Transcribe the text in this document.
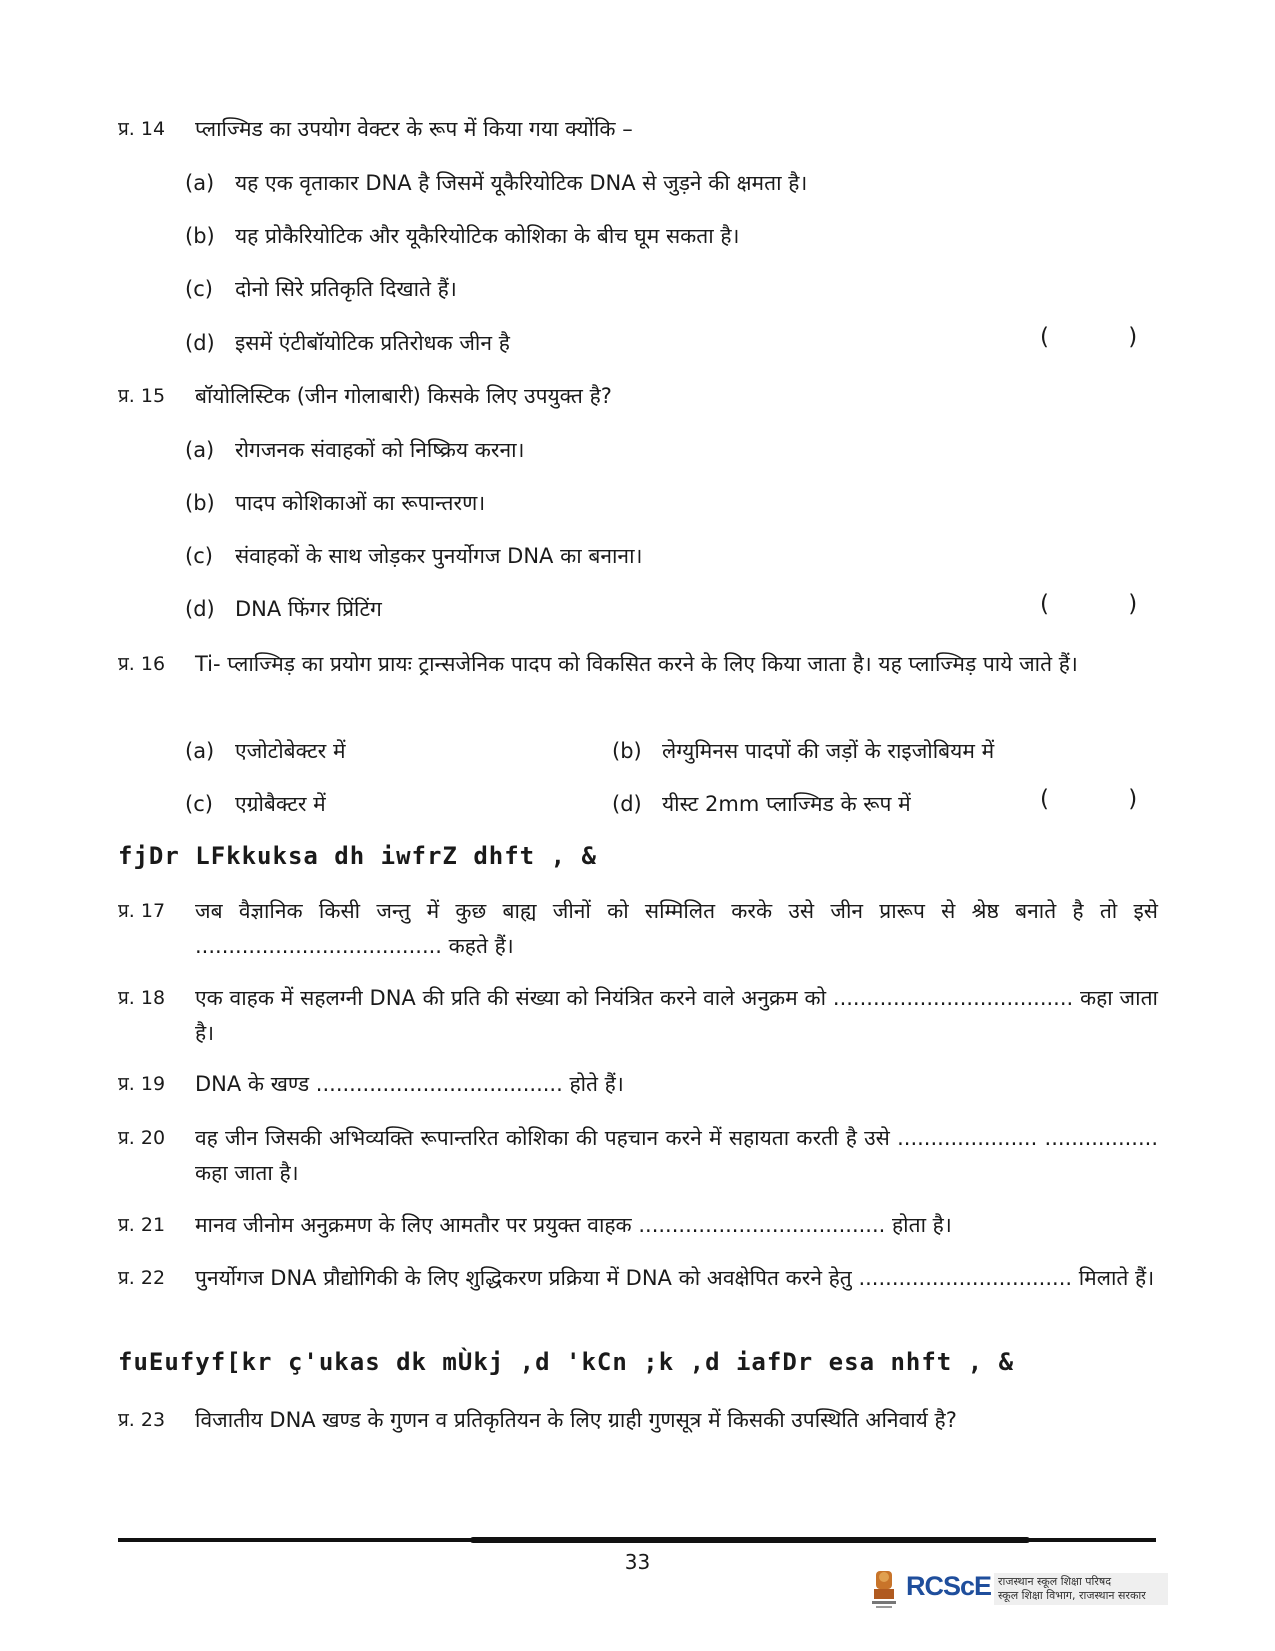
प्र. 14	प्लाज्मिड का उपयोग वेक्टर के रूप में किया गया क्योंकि –
(a) यह एक वृताकार DNA है जिसमें यूकैरियोटिक DNA से जुड़ने की क्षमता है।
(b) यह प्रोकैरियोटिक और यूकैरियोटिक कोशिका के बीच घूम सकता है।
(c) दोनो सिरे प्रतिकृति दिखाते हैं।
(d) इसमें एंटीबॉयोटिक प्रतिरोधक जीन है	( )
प्र. 15	बॉयोलिस्टिक (जीन गोलाबारी) किसके लिए उपयुक्त है?
(a) रोगजनक संवाहकों को निष्क्रिय करना।
(b) पादप कोशिकाओं का रूपान्तरण।
(c) संवाहकों के साथ जोड़कर पुनर्योगज DNA का बनाना।
(d) DNA फिंगर प्रिंटिंग	( )
प्र. 16	Ti- प्लाज्मिड़ का प्रयोग प्रायः ट्रान्सजेनिक पादप को विकसित करने के लिए किया जाता है। यह प्लाज्मिड़ पाये जाते हैं।
(a) एजोटोबेक्टर में	(b) लेग्युमिनस पादपों की जड़ों के राइजोबियम में
(c) एग्रोबैक्टर में	(d) यीस्ट 2mm प्लाज्मिड के रूप में	( )
fjDr LFkkuksa dh iwfrZ dhft , &
प्र. 17	जब वैज्ञानिक किसी जन्तु में कुछ बाह्य जीनों को सम्मिलित करके उसे जीन प्रारूप से श्रेष्ठ बनाते है तो इसे ..................................... कहते हैं।
प्र. 18	एक वाहक में सहलग्नी DNA की प्रति की संख्या को नियंत्रित करने वाले अनुक्रम को .................................... कहा जाता है।
प्र. 19	DNA के खण्ड ..................................... होते हैं।
प्र. 20	वह जीन जिसकी अभिव्यक्ति रूपान्तरित कोशिका की पहचान करने में सहायता करती है उसे ..................... ................. कहा जाता है।
प्र. 21	मानव जीनोम अनुक्रमण के लिए आमतौर पर प्रयुक्त वाहक ..................................... होता है।
प्र. 22	पुनर्योगज DNA प्रौद्योगिकी के लिए शुद्धिकरण प्रक्रिया में DNA को अवक्षेपित करने हेतु ................................ मिलाते हैं।
fuEufyf[kr ç'ukas dk mÙkj ,d 'kCn ;k ,d iafDr esa nhft , &
प्र. 23	विजातीय DNA खण्ड के गुणन व प्रतिकृतियन के लिए ग्राही गुणसूत्र में किसकी उपस्थिति अनिवार्य है?
33
RCScE राजस्थान स्कूल शिक्षा परिषद
स्कूल शिक्षा विभाग, राजस्थान सरकार
